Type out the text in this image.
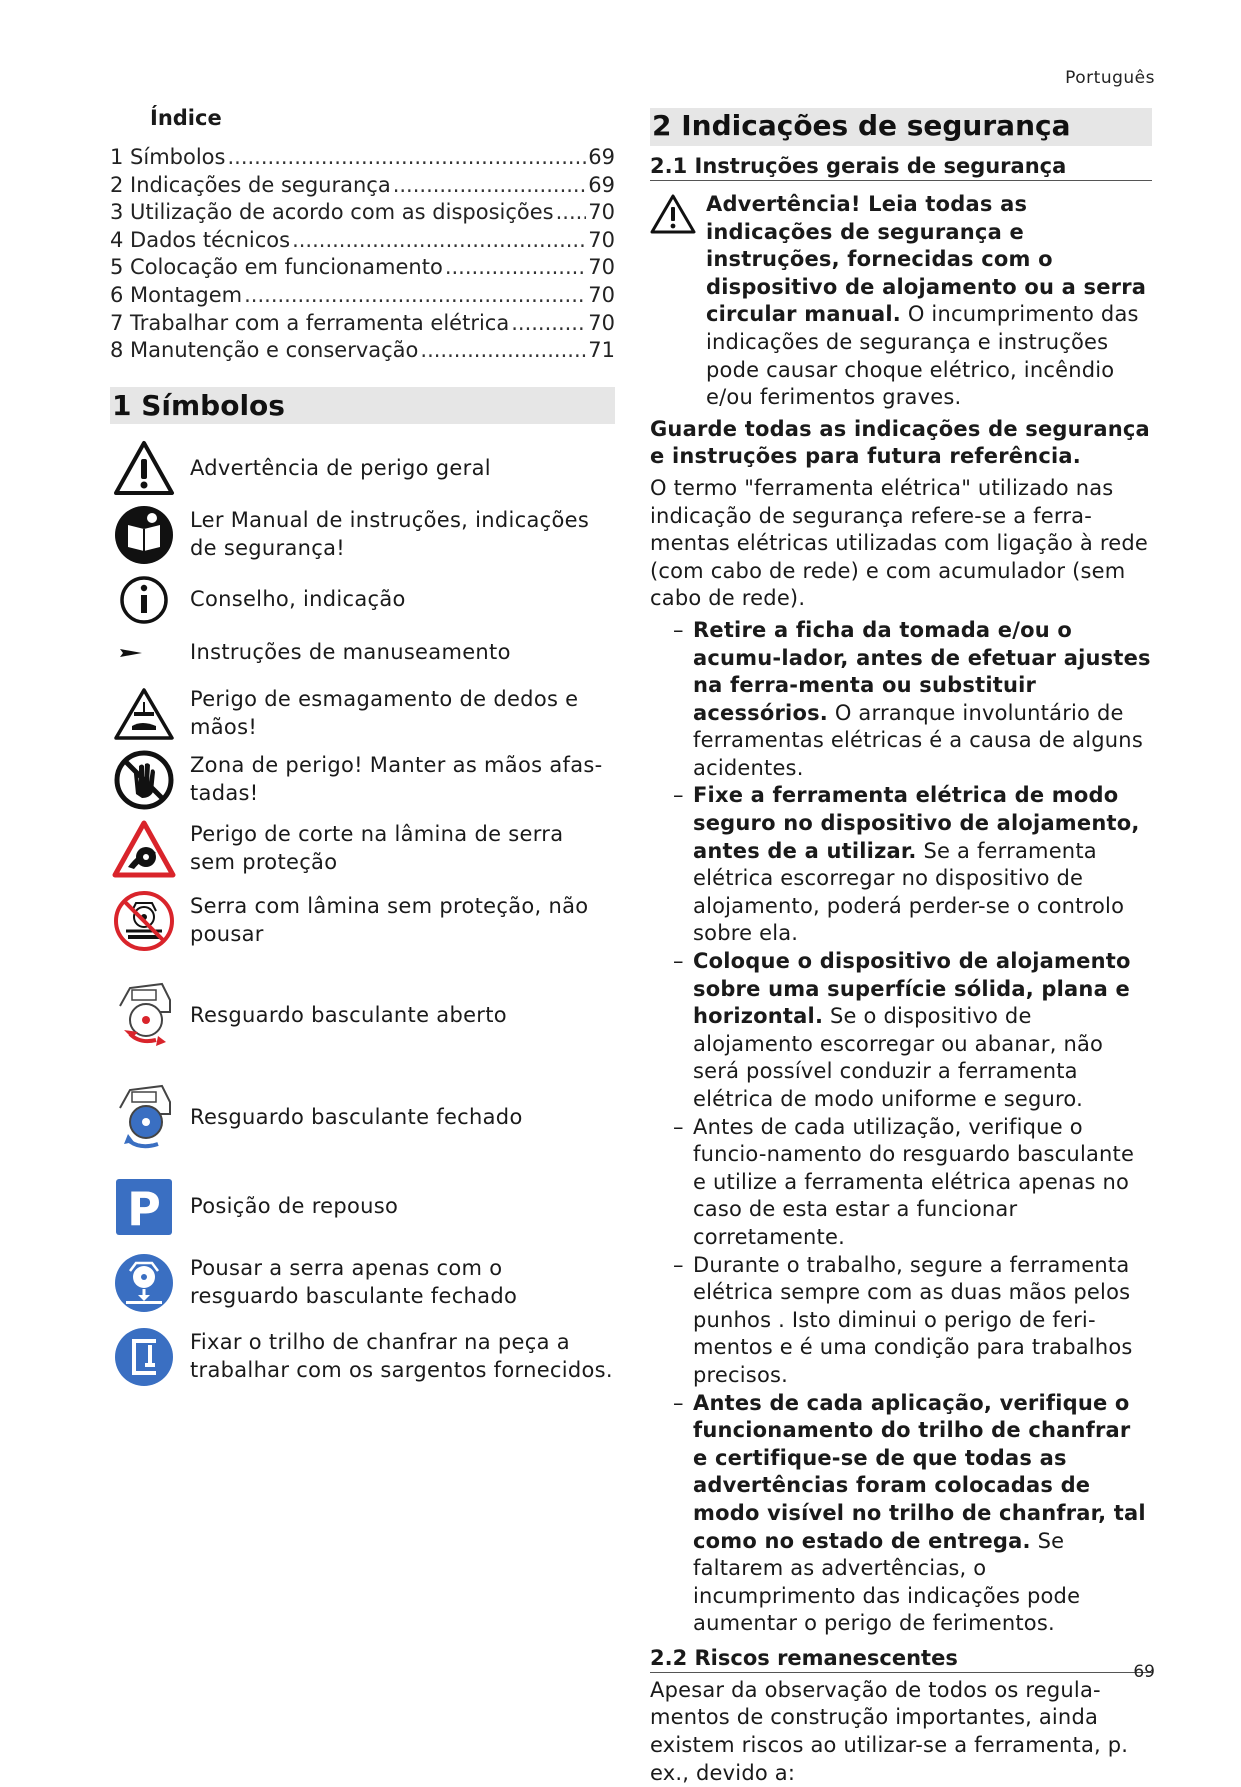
Português
Índice
1 Símbolos .....	69
2 Indicações de segurança .....	69
3 Utilização de acordo com as disposições ..... 70
4 Dados técnicos .....	70
5 Colocação em funcionamento .....	70
6 Montagem .....	70
7 Trabalhar com a ferramenta elétrica .....	70
8 Manutenção e conservação .....	71
1 Símbolos
Advertência de perigo geral
Ler Manual de instruções, indicações de segurança!
Conselho, indicação
Instruções de manuseamento
Perigo de esmagamento de dedos e mãos!
Zona de perigo! Manter as mãos afas-tadas!
Perigo de corte na lâmina de serra sem proteção
Serra com lâmina sem proteção, não pousar
Resguardo basculante aberto
Resguardo basculante fechado
P Posição de repouso
Pousar a serra apenas com o resguardo basculante fechado
Fixar o trilho de chanfrar na peça a trabalhar com os sargentos fornecidos.
2 Indicações de segurança
2.1 Instruções gerais de segurança
Advertência! Leia todas as indicações de segurança e instruções, fornecidas com o dispositivo de alojamento ou a serra circular manual. O incumprimento das indicações de segurança e instruções pode causar choque elétrico, incêndio e/ou ferimentos graves.

Guarde todas as indicações de segurança e instruções para futura referência.

O termo "ferramenta elétrica" utilizado nas indicação de segurança refere-se a ferra-mentas elétricas utilizadas com ligação à rede (com cabo de rede) e com acumulador (sem cabo de rede).

– Retire a ficha da tomada e/ou o acumu-lador, antes de efetuar ajustes na ferra-menta ou substituir acessórios. O arranque involuntário de ferramentas elétricas é a causa de alguns acidentes.

– Fixe a ferramenta elétrica de modo seguro no dispositivo de alojamento, antes de a utilizar. Se a ferramenta elétrica escorregar no dispositivo de alojamento, poderá perder-se o controlo sobre ela.

– Coloque o dispositivo de alojamento sobre uma superfície sólida, plana e horizontal. Se o dispositivo de alojamento escorregar ou abanar, não será possível conduzir a ferramenta elétrica de modo uniforme e seguro.

– Antes de cada utilização, verifique o funcio-namento do resguardo basculante e utilize a ferramenta elétrica apenas no caso de esta estar a funcionar corretamente.

– Durante o trabalho, segure a ferramenta elétrica sempre com as duas mãos pelos punhos . Isto diminui o perigo de feri-mentos e é uma condição para trabalhos precisos.

– Antes de cada aplicação, verifique o funcionamento do trilho de chanfrar e certifique-se de que todas as advertências foram colocadas de modo visível no trilho de chanfrar, tal como no estado de entrega. Se faltarem as advertências, o incumprimento das indicações pode aumentar o perigo de ferimentos.

2.2 Riscos remanescentes

Apesar da observação de todos os regula-mentos de construção importantes, ainda existem riscos ao utilizar-se a ferramenta, p. ex., devido a:

69
